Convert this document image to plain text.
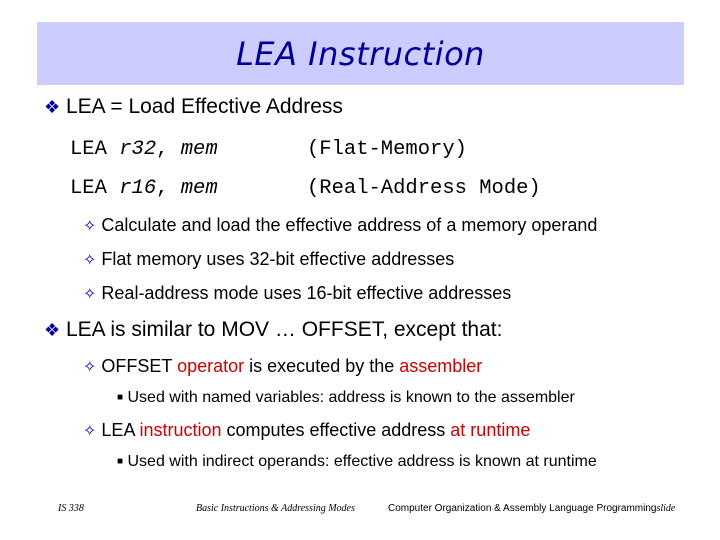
LEA Instruction
❖ LEA = Load Effective Address
LEA r32, mem	(Flat-Memory)
LEA r16, mem	(Real-Address Mode)
✧ Calculate and load the effective address of a memory operand
✧ Flat memory uses 32-bit effective addresses
✧ Real-address mode uses 16-bit effective addresses
❖ LEA is similar to MOV … OFFSET, except that:
✧ OFFSET operator is executed by the assembler
■ Used with named variables: address is known to the assembler
✧ LEA instruction computes effective address at runtime
■ Used with indirect operands: effective address is known at runtime
IS 338	Basic Instructions & Addressing Modes	Computer Organization & Assembly Language Programmingslide
